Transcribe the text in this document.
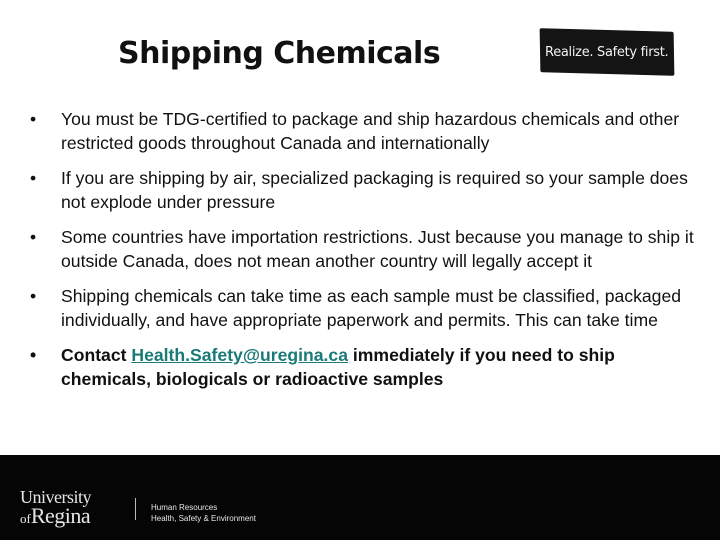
Shipping Chemicals	Realize. Safety first.
• You must be TDG-certified to package and ship hazardous chemicals and other restricted goods throughout Canada and internationally
• If you are shipping by air, specialized packaging is required so your sample does not explode under pressure
• Some countries have importation restrictions. Just because you manage to ship it outside Canada, does not mean another country will legally accept it
• Shipping chemicals can take time as each sample must be classified, packaged individually, and have appropriate paperwork and permits. This can take time
• Contact Health.Safety@uregina.ca immediately if you need to ship chemicals, biologicals or radioactive samples
University
ofRegina	Human Resources
Health, Safety & Environment
